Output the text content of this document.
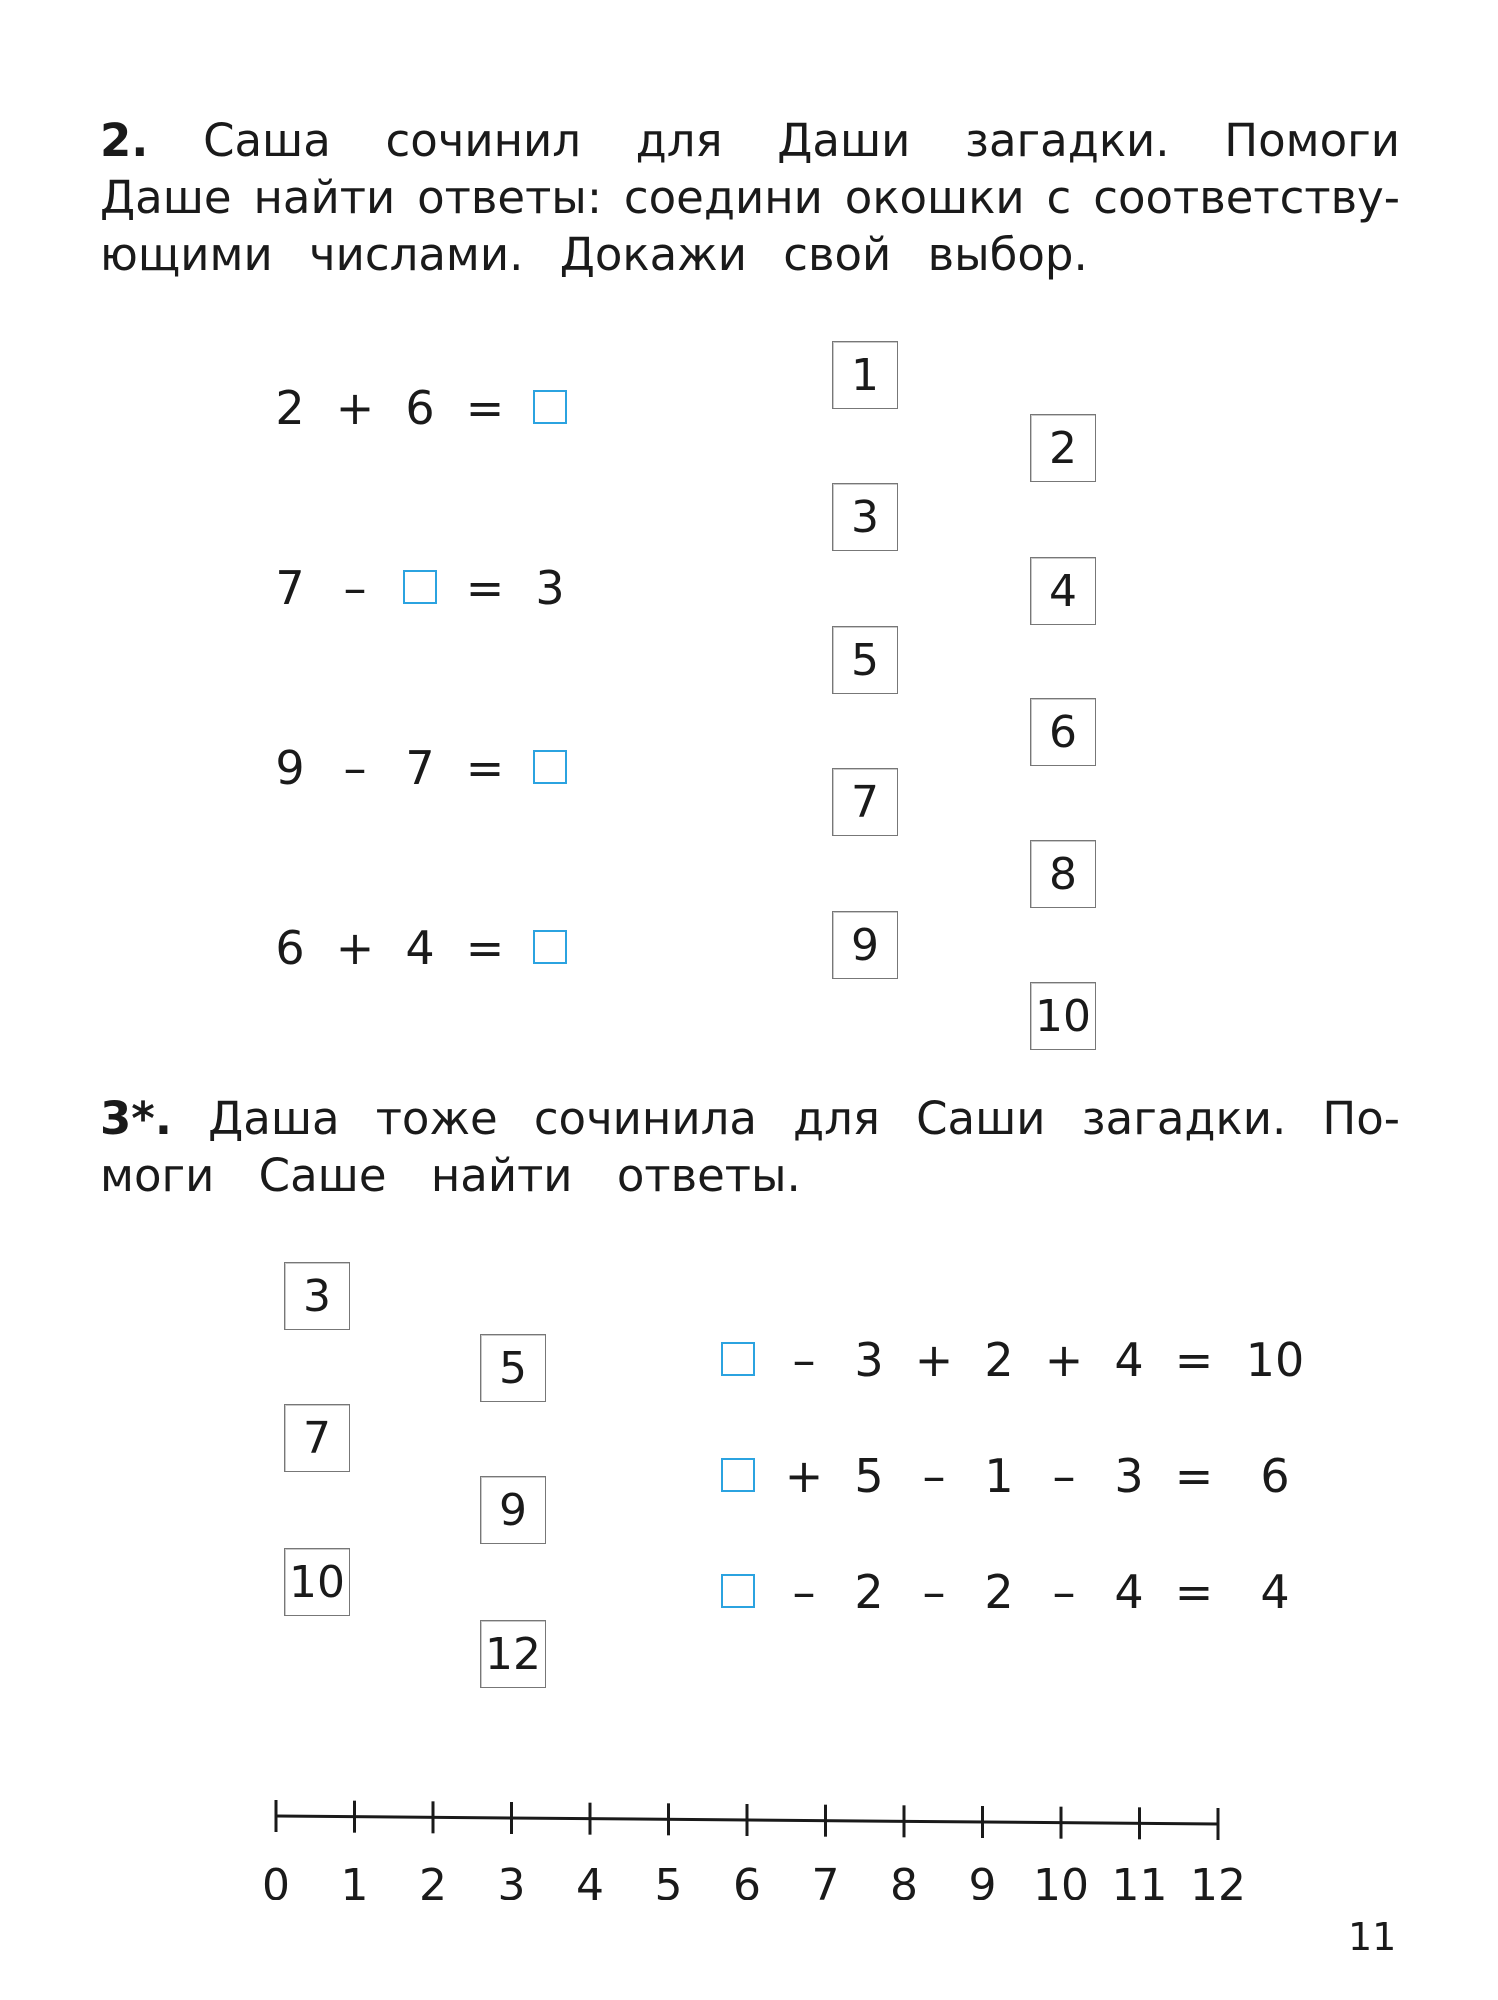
2. Саша сочинил для Даши загадки. Помоги
Даше найти ответы: соедини окошки с соответству-
ющими числами. Докажи свой выбор.
2 + 6 =
7 –	= 3
9 – 7 =
6 + 4 =
1
3
5
7
9
2
4
6
8
10
3*. Даша тоже сочинила для Саши загадки. По-
моги Саше найти ответы.
3
7
10
5
9
12
– 3 + 2 + 4 = 10
+ 5 – 1 – 3 =	6
– 2 – 2 – 4 =	4
0 1 2 3 4 5 6 7 8 9 10 11 12
11
